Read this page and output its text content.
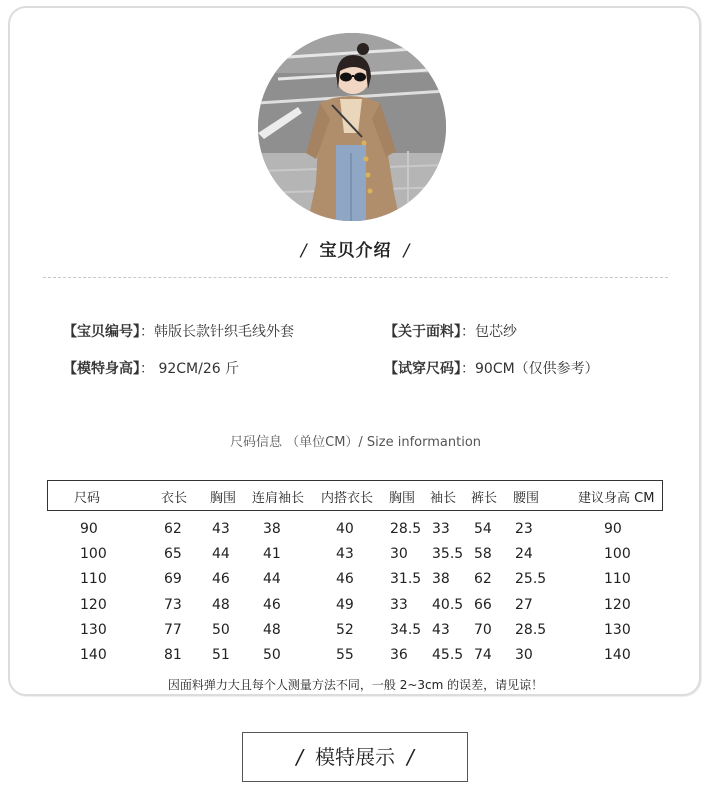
/ 宝贝介绍 /
【宝贝编号】：韩版长款针织毛线外套	【关于面料】：包芯纱
【模特身高】： 92CM/26 斤	【试穿尺码】：90CM（仅供参考）
尺码信息 （单位CM）/ Size informantion
尺码	衣长 胸围 连肩袖长 内搭衣长 胸围 袖长 裤长 腰围	建议身高 CM
90	62 43 38	40	28.5 33 54 23	90
100	65 44 41	43	30 35.5 58 24	100
110	69 46 44	46	31.5 38 62 25.5	110
120	73 48 46	49	33 40.5 66 27	120
130	77 50 48	52	34.5 43 70 28.5	130
140	81 51 50	55	36 45.5 74 30	140
因面料弹力大且每个人测量方法不同，一般 2~3cm 的误差，请见谅！
/ 模特展示 /
